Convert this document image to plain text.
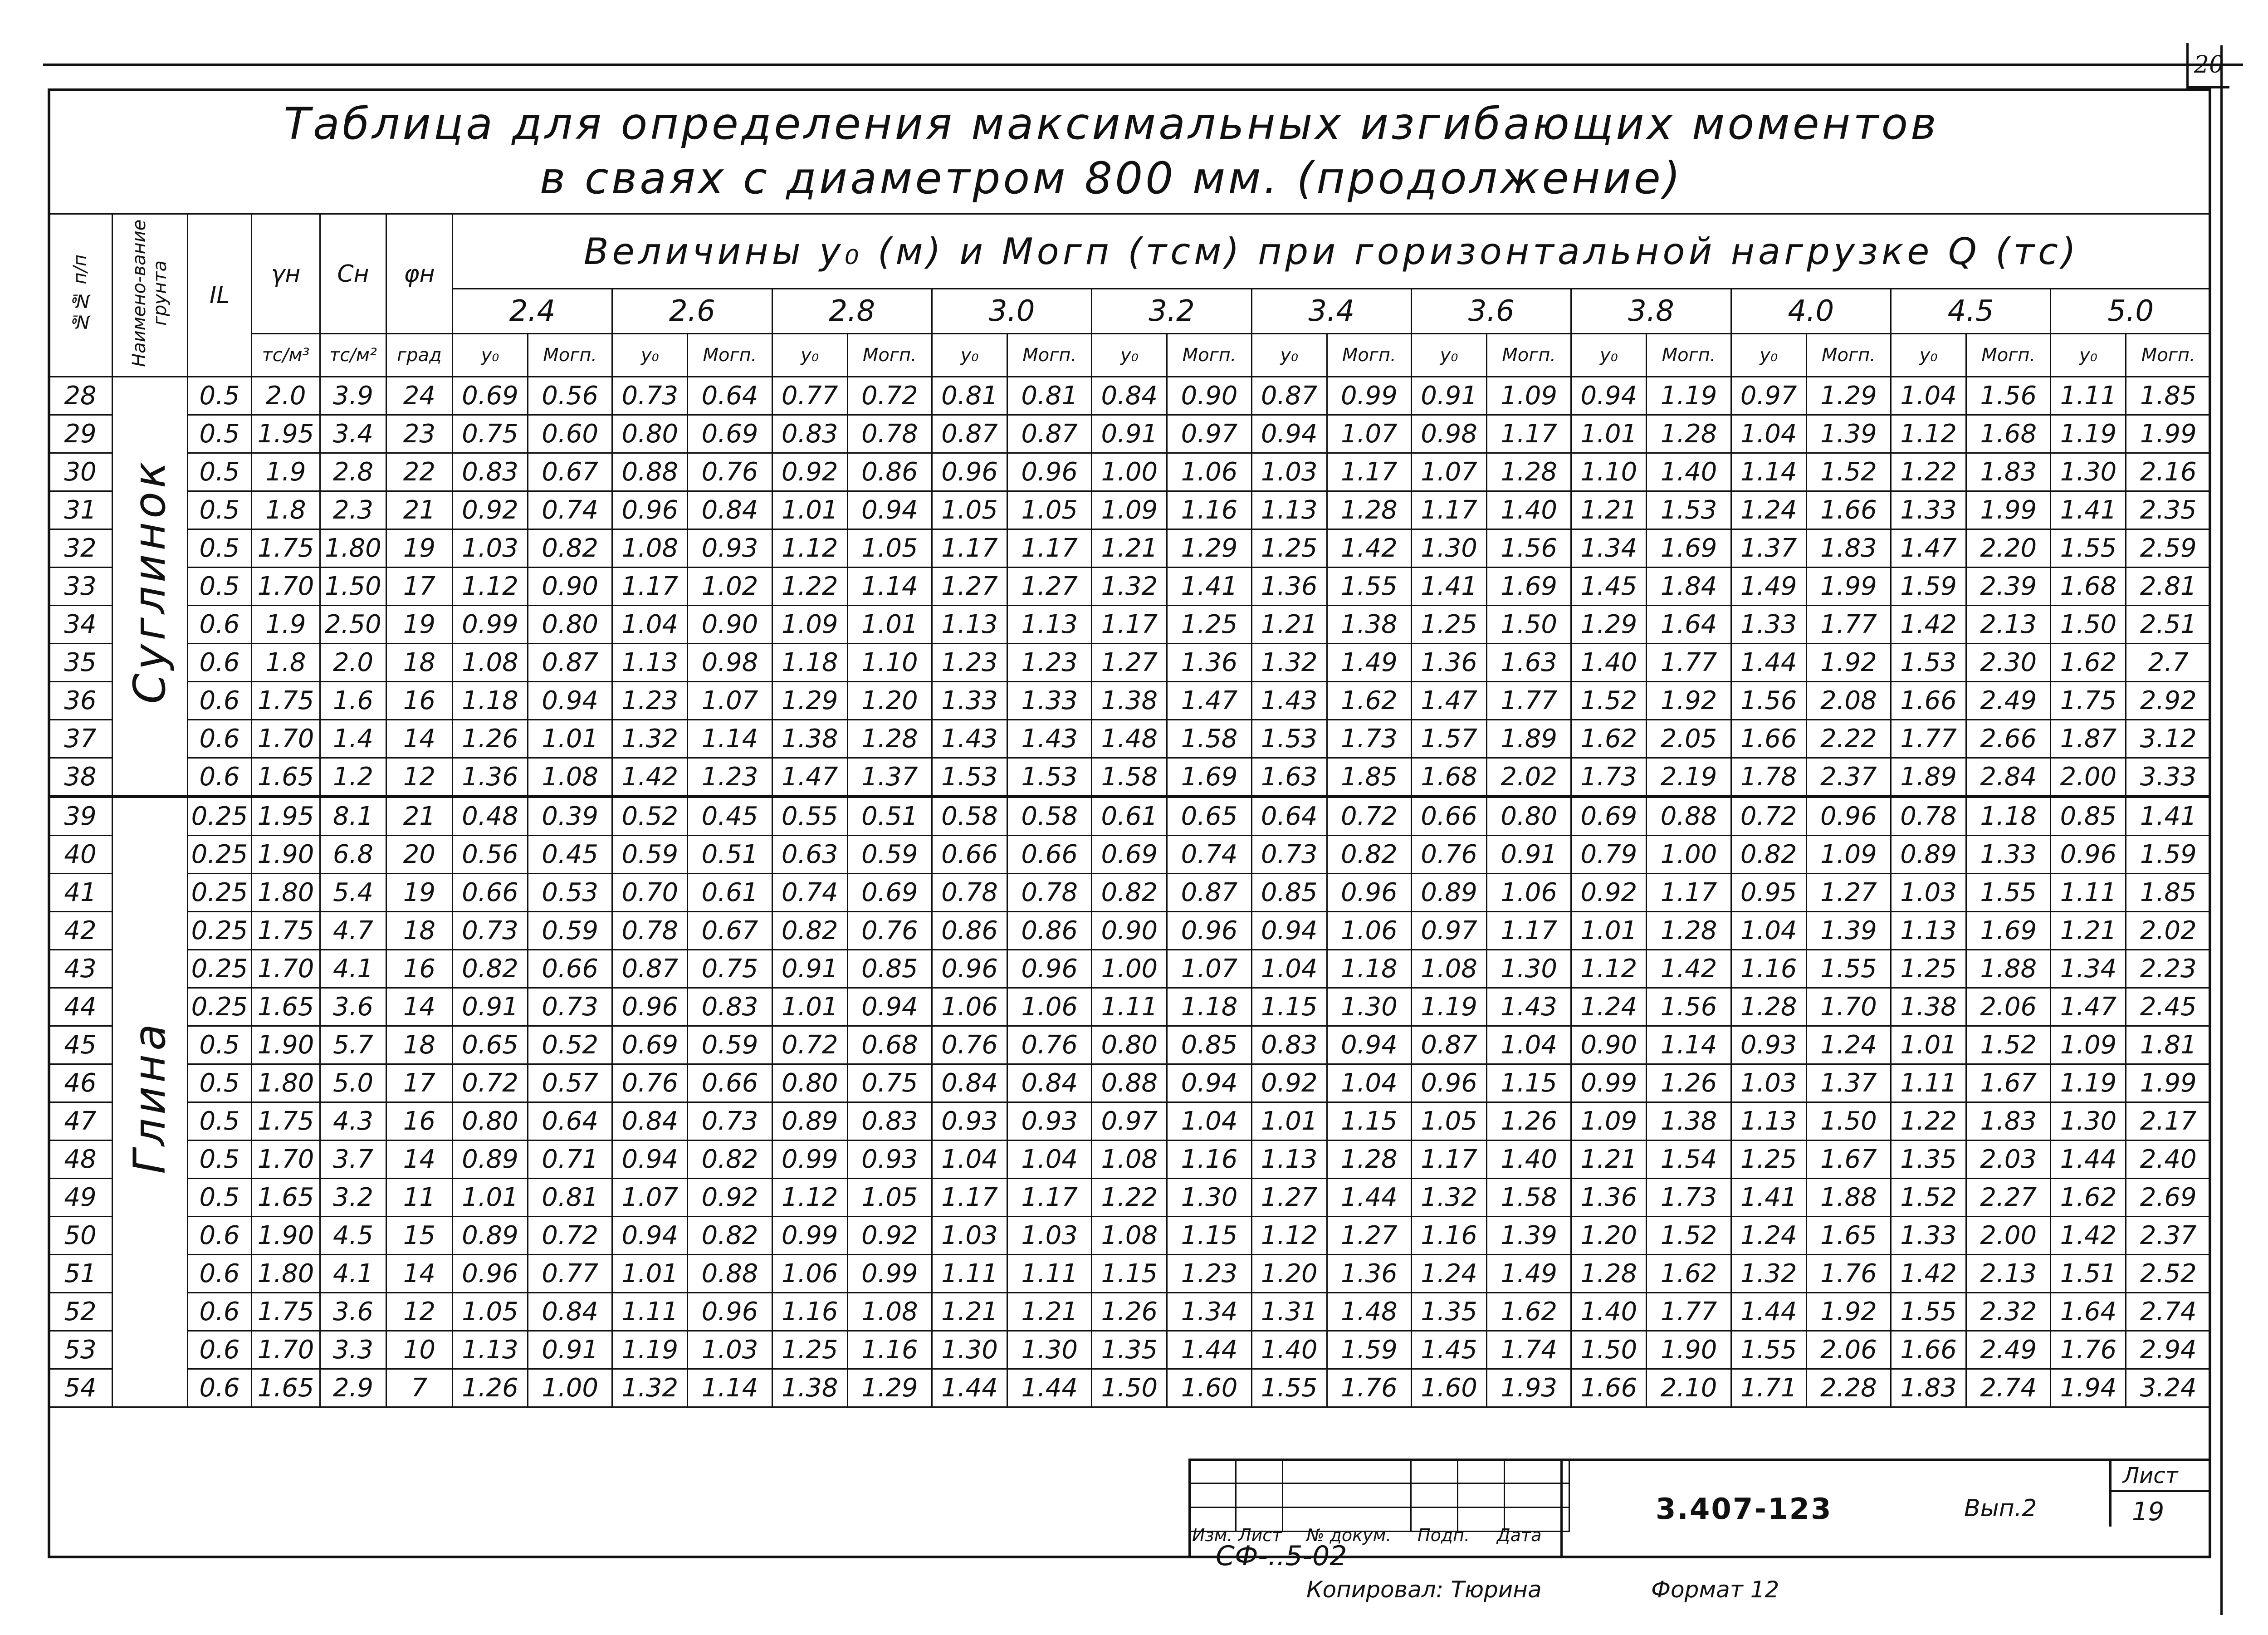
20
Таблица для определения максимальных изгибающих моментов
в сваях с диаметром 800 мм. (продолжение)
№№ п/п	Наимено-вание грунта	IL	γн	Сн	φн	Величины y₀ (м) и Mогп (тсм) при горизонтальной нагрузке Q (тс)																					
						2.4		2.6		2.8		3.0		3.2		3.4		3.6		3.8		4.0		4.5		5.0	
			тс/м³	тс/м²	град	y₀	Mогп.	y₀	Mогп.	y₀	Mогп.	y₀	Mогп.	y₀	Mогп.	y₀	Mогп.	y₀	Mогп.	y₀	Mогп.	y₀	Mогп.	y₀	Mогп.	y₀	Mогп.
28	Суглинок	0.5	2.0	3.9	24	0.69	0.56	0.73	0.64	0.77	0.72	0.81	0.81	0.84	0.90	0.87	0.99	0.91	1.09	0.94	1.19	0.97	1.29	1.04	1.56	1.11	1.85
29		0.5	1.95	3.4	23	0.75	0.60	0.80	0.69	0.83	0.78	0.87	0.87	0.91	0.97	0.94	1.07	0.98	1.17	1.01	1.28	1.04	1.39	1.12	1.68	1.19	1.99
30		0.5	1.9	2.8	22	0.83	0.67	0.88	0.76	0.92	0.86	0.96	0.96	1.00	1.06	1.03	1.17	1.07	1.28	1.10	1.40	1.14	1.52	1.22	1.83	1.30	2.16
31		0.5	1.8	2.3	21	0.92	0.74	0.96	0.84	1.01	0.94	1.05	1.05	1.09	1.16	1.13	1.28	1.17	1.40	1.21	1.53	1.24	1.66	1.33	1.99	1.41	2.35
32		0.5	1.75	1.80	19	1.03	0.82	1.08	0.93	1.12	1.05	1.17	1.17	1.21	1.29	1.25	1.42	1.30	1.56	1.34	1.69	1.37	1.83	1.47	2.20	1.55	2.59
33		0.5	1.70	1.50	17	1.12	0.90	1.17	1.02	1.22	1.14	1.27	1.27	1.32	1.41	1.36	1.55	1.41	1.69	1.45	1.84	1.49	1.99	1.59	2.39	1.68	2.81
34		0.6	1.9	2.50	19	0.99	0.80	1.04	0.90	1.09	1.01	1.13	1.13	1.17	1.25	1.21	1.38	1.25	1.50	1.29	1.64	1.33	1.77	1.42	2.13	1.50	2.51
35		0.6	1.8	2.0	18	1.08	0.87	1.13	0.98	1.18	1.10	1.23	1.23	1.27	1.36	1.32	1.49	1.36	1.63	1.40	1.77	1.44	1.92	1.53	2.30	1.62	2.7
36		0.6	1.75	1.6	16	1.18	0.94	1.23	1.07	1.29	1.20	1.33	1.33	1.38	1.47	1.43	1.62	1.47	1.77	1.52	1.92	1.56	2.08	1.66	2.49	1.75	2.92
37		0.6	1.70	1.4	14	1.26	1.01	1.32	1.14	1.38	1.28	1.43	1.43	1.48	1.58	1.53	1.73	1.57	1.89	1.62	2.05	1.66	2.22	1.77	2.66	1.87	3.12
38		0.6	1.65	1.2	12	1.36	1.08	1.42	1.23	1.47	1.37	1.53	1.53	1.58	1.69	1.63	1.85	1.68	2.02	1.73	2.19	1.78	2.37	1.89	2.84	2.00	3.33
39	Глина	0.25	1.95	8.1	21	0.48	0.39	0.52	0.45	0.55	0.51	0.58	0.58	0.61	0.65	0.64	0.72	0.66	0.80	0.69	0.88	0.72	0.96	0.78	1.18	0.85	1.41
40		0.25	1.90	6.8	20	0.56	0.45	0.59	0.51	0.63	0.59	0.66	0.66	0.69	0.74	0.73	0.82	0.76	0.91	0.79	1.00	0.82	1.09	0.89	1.33	0.96	1.59
41		0.25	1.80	5.4	19	0.66	0.53	0.70	0.61	0.74	0.69	0.78	0.78	0.82	0.87	0.85	0.96	0.89	1.06	0.92	1.17	0.95	1.27	1.03	1.55	1.11	1.85
42		0.25	1.75	4.7	18	0.73	0.59	0.78	0.67	0.82	0.76	0.86	0.86	0.90	0.96	0.94	1.06	0.97	1.17	1.01	1.28	1.04	1.39	1.13	1.69	1.21	2.02
43		0.25	1.70	4.1	16	0.82	0.66	0.87	0.75	0.91	0.85	0.96	0.96	1.00	1.07	1.04	1.18	1.08	1.30	1.12	1.42	1.16	1.55	1.25	1.88	1.34	2.23
44		0.25	1.65	3.6	14	0.91	0.73	0.96	0.83	1.01	0.94	1.06	1.06	1.11	1.18	1.15	1.30	1.19	1.43	1.24	1.56	1.28	1.70	1.38	2.06	1.47	2.45
45		0.5	1.90	5.7	18	0.65	0.52	0.69	0.59	0.72	0.68	0.76	0.76	0.80	0.85	0.83	0.94	0.87	1.04	0.90	1.14	0.93	1.24	1.01	1.52	1.09	1.81
46		0.5	1.80	5.0	17	0.72	0.57	0.76	0.66	0.80	0.75	0.84	0.84	0.88	0.94	0.92	1.04	0.96	1.15	0.99	1.26	1.03	1.37	1.11	1.67	1.19	1.99
47		0.5	1.75	4.3	16	0.80	0.64	0.84	0.73	0.89	0.83	0.93	0.93	0.97	1.04	1.01	1.15	1.05	1.26	1.09	1.38	1.13	1.50	1.22	1.83	1.30	2.17
48		0.5	1.70	3.7	14	0.89	0.71	0.94	0.82	0.99	0.93	1.04	1.04	1.08	1.16	1.13	1.28	1.17	1.40	1.21	1.54	1.25	1.67	1.35	2.03	1.44	2.40
49		0.5	1.65	3.2	11	1.01	0.81	1.07	0.92	1.12	1.05	1.17	1.17	1.22	1.30	1.27	1.44	1.32	1.58	1.36	1.73	1.41	1.88	1.52	2.27	1.62	2.69
50		0.6	1.90	4.5	15	0.89	0.72	0.94	0.82	0.99	0.92	1.03	1.03	1.08	1.15	1.12	1.27	1.16	1.39	1.20	1.52	1.24	1.65	1.33	2.00	1.42	2.37
51		0.6	1.80	4.1	14	0.96	0.77	1.01	0.88	1.06	0.99	1.11	1.11	1.15	1.23	1.20	1.36	1.24	1.49	1.28	1.62	1.32	1.76	1.42	2.13	1.51	2.52
52		0.6	1.75	3.6	12	1.05	0.84	1.11	0.96	1.16	1.08	1.21	1.21	1.26	1.34	1.31	1.48	1.35	1.62	1.40	1.77	1.44	1.92	1.55	2.32	1.64	2.74
53		0.6	1.70	3.3	10	1.13	0.91	1.19	1.03	1.25	1.16	1.30	1.30	1.35	1.44	1.40	1.59	1.45	1.74	1.50	1.90	1.55	2.06	1.66	2.49	1.76	2.94
54		0.6	1.65	2.9	7	1.26	1.00	1.32	1.14	1.38	1.29	1.44	1.44	1.50	1.60	1.55	1.76	1.60	1.93	1.66	2.10	1.71	2.28	1.83	2.74	1.94	3.24

Изм. Лист № докум. Подп. Дата
3.407-123	Вып.2
Лист
19
СФ-..5-02
Копировал: Тюрина	Формат 12
